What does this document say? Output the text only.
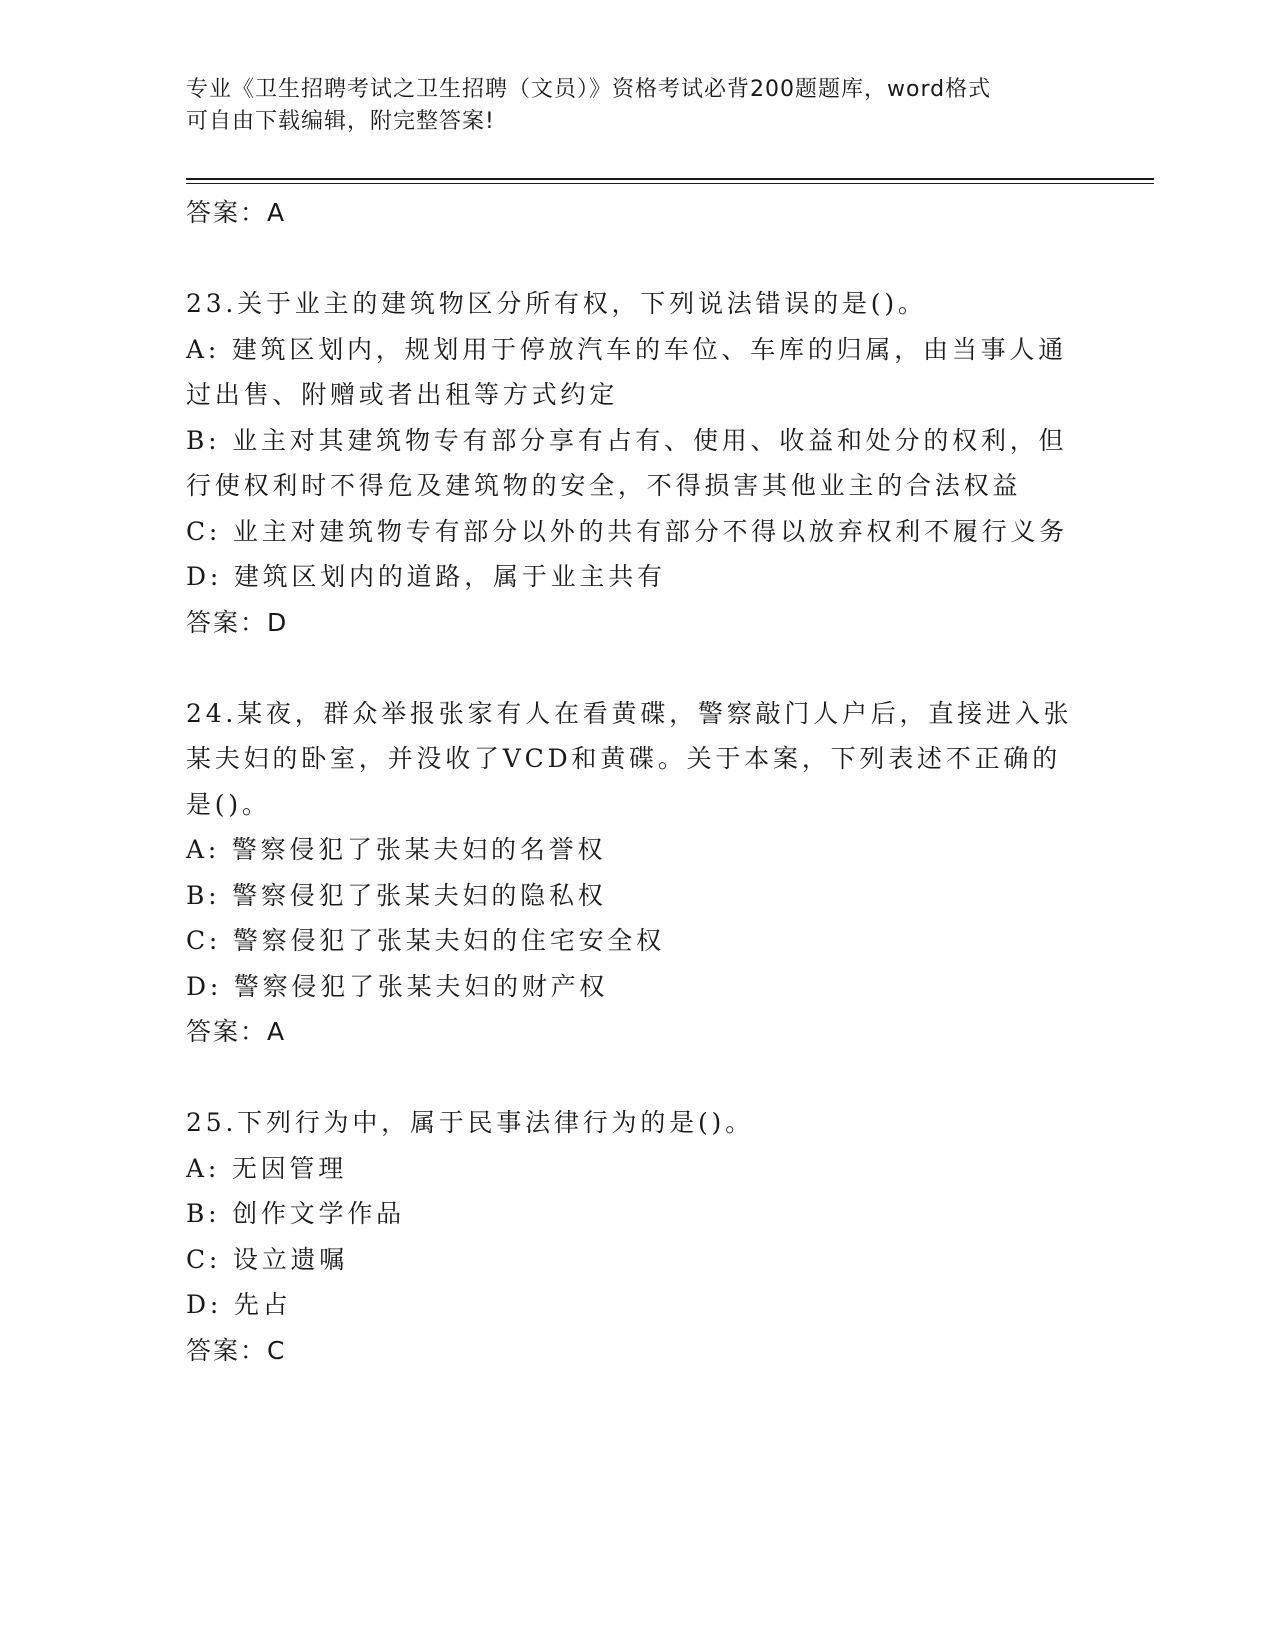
专业《卫生招聘考试之卫生招聘（文员）》资格考试必背200题题库，word格式
可自由下载编辑，附完整答案!
答案：A
23.关于业主的建筑物区分所有权，下列说法错误的是()。
A: 建筑区划内，规划用于停放汽车的车位、车库的归属，由当事人通
过出售、附赠或者出租等方式约定
B: 业主对其建筑物专有部分享有占有、使用、收益和处分的权利，但
行使权利时不得危及建筑物的安全，不得损害其他业主的合法权益
C: 业主对建筑物专有部分以外的共有部分不得以放弃权利不履行义务
D: 建筑区划内的道路，属于业主共有
答案：D
24.某夜，群众举报张家有人在看黄碟，警察敲门人户后，直接进入张
某夫妇的卧室，并没收了VCD和黄碟。关于本案，下列表述不正确的
是()。
A: 警察侵犯了张某夫妇的名誉权
B: 警察侵犯了张某夫妇的隐私权
C: 警察侵犯了张某夫妇的住宅安全权
D: 警察侵犯了张某夫妇的财产权
答案：A
25.下列行为中，属于民事法律行为的是()。
A: 无因管理
B: 创作文学作品
C: 设立遗嘱
D: 先占
答案：C
